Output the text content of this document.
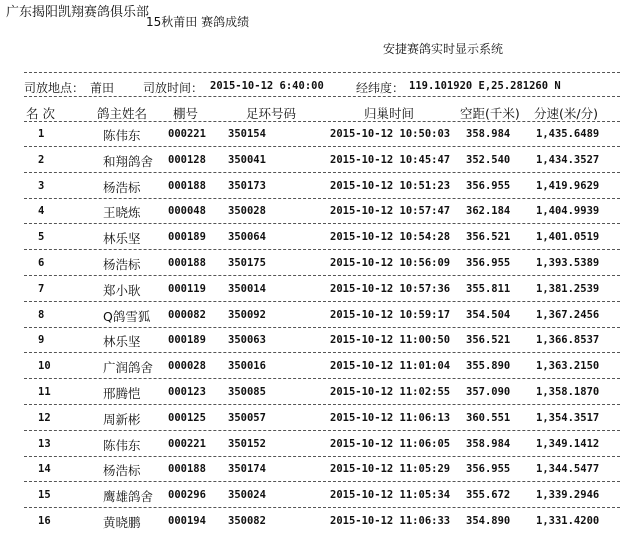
广东揭阳凯翔赛鸽俱乐部
15秋莆田 赛鸽成绩
安捷赛鸽实时显示系统
司放地点： 莆田 司放时间： 2015-10-12 6:40:00	经纬度： 119.101920 E,25.281260 N
名 次	鸽主姓名 棚号	足环号码	归巢时间	空距(千米) 分速(米/分)
1	陈伟东	000221 350154	2015-10-12 10:50:03 358.984 1,435.6489
2	和翔鸽舍 000128 350041	2015-10-12 10:45:47 352.540 1,434.3527
3	杨浩标	000188 350173	2015-10-12 10:51:23 356.955 1,419.9629
4	王晓炼	000048 350028	2015-10-12 10:57:47 362.184 1,404.9939
5	林乐坚	000189 350064	2015-10-12 10:54:28 356.521 1,401.0519
6	杨浩标	000188 350175	2015-10-12 10:56:09 356.955 1,393.5389
7	郑小耿	000119 350014	2015-10-12 10:57:36 355.811 1,381.2539
8	Q鸽雪狐 000082 350092	2015-10-12 10:59:17 354.504 1,367.2456
9	林乐坚	000189 350063	2015-10-12 11:00:50 356.521 1,366.8537
10	广润鸽舍 000028 350016	2015-10-12 11:01:04 355.890 1,363.2150
11	邢腾恺	000123 350085	2015-10-12 11:02:55 357.090 1,358.1870
12	周新彬	000125 350057	2015-10-12 11:06:13 360.551 1,354.3517
13	陈伟东	000221 350152	2015-10-12 11:06:05 358.984 1,349.1412
14	杨浩标	000188 350174	2015-10-12 11:05:29 356.955 1,344.5477
15	鹰雄鸽舍 000296 350024	2015-10-12 11:05:34 355.672 1,339.2946
16	黄晓鹏	000194 350082	2015-10-12 11:06:33 354.890 1,331.4200
